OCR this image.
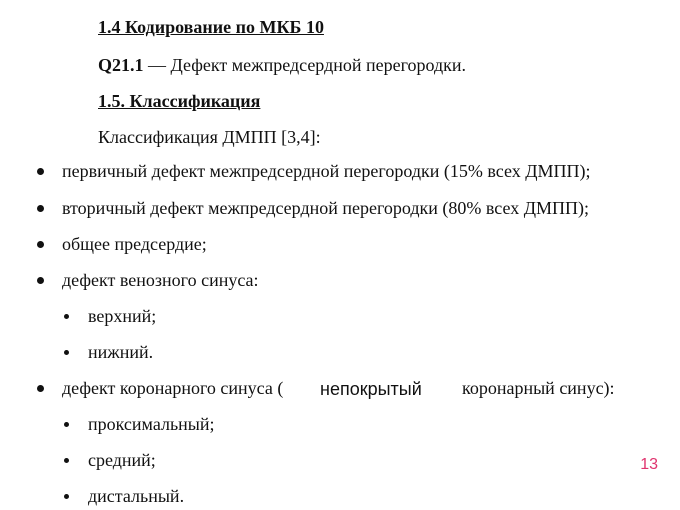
1.4 Кодирование по МКБ 10
Q21.1 — Дефект межпредсердной перегородки.
1.5. Классификация
Классификация ДМПП [3,4]:
первичный дефект межпредсердной перегородки (15% всех ДМПП);
вторичный дефект межпредсердной перегородки (80% всех ДМПП);
общее предсердие;
дефект венозного синуса:
верхний;
нижний.
дефект коронарного синуса ( непокрытый коронарный синус):
проксимальный;
средний;
дистальный.
13
